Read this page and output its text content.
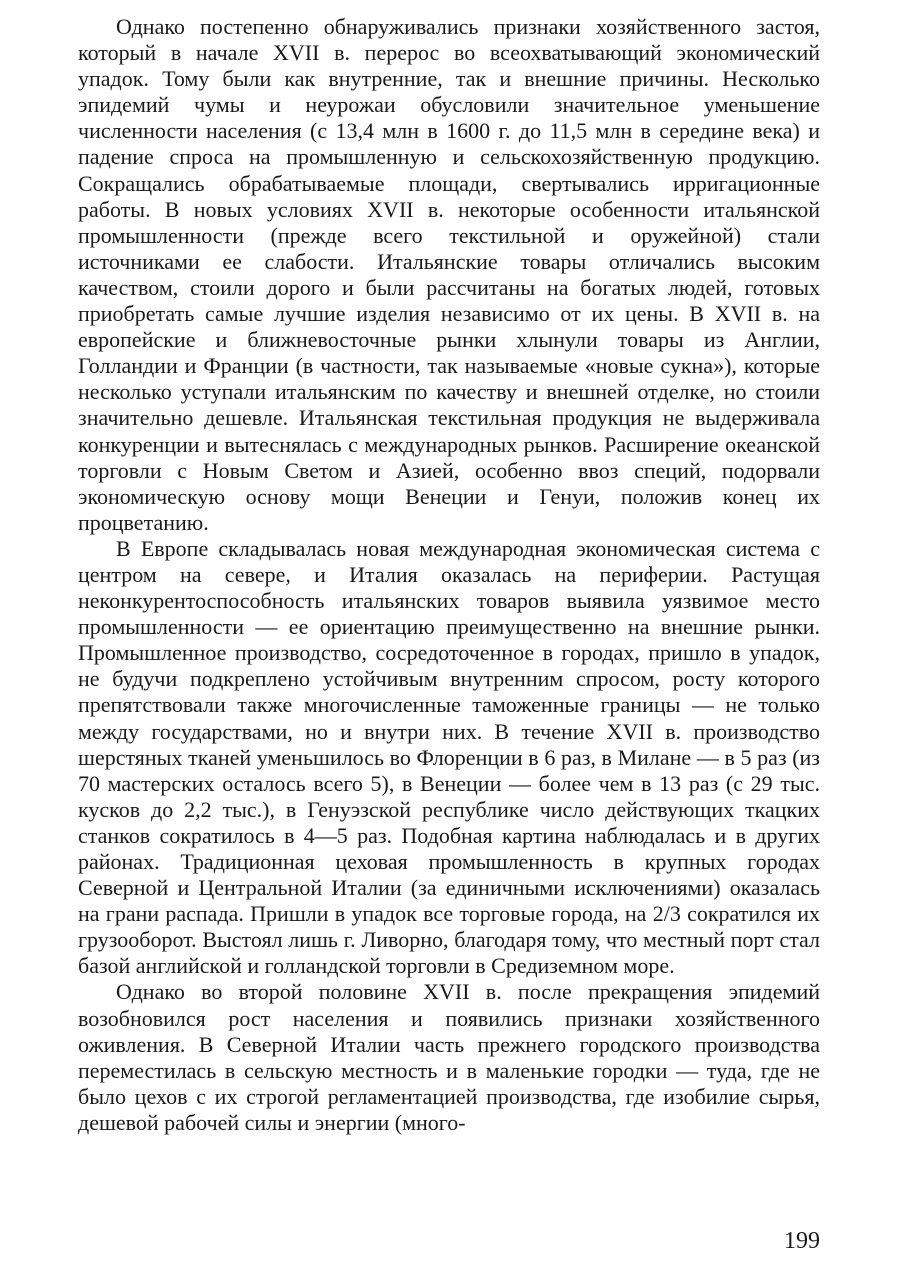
Однако постепенно обнаруживались признаки хозяйственного застоя, который в начале XVII в. перерос во всеохватывающий экономический упадок. Тому были как внутренние, так и внешние причины. Несколько эпидемий чумы и неурожаи обусловили значительное уменьшение численности населения (с 13,4 млн в 1600 г. до 11,5 млн в середине века) и падение спроса на промышленную и сельскохозяйственную продукцию. Сокращались обрабатываемые площади, свертывались ирригационные работы. В новых условиях XVII в. некоторые особенности итальянской промышленности (прежде всего текстильной и оружейной) стали источниками ее слабости. Итальянские товары отличались высоким качеством, стоили дорого и были рассчитаны на богатых людей, готовых приобретать самые лучшие изделия независимо от их цены. В XVII в. на европейские и ближневосточные рынки хлынули товары из Англии, Голландии и Франции (в частности, так называемые «новые сукна»), которые несколько уступали итальянским по качеству и внешней отделке, но стоили значительно дешевле. Итальянская текстильная продукция не выдерживала конкуренции и вытеснялась с международных рынков. Расширение океанской торговли с Новым Светом и Азией, особенно ввоз специй, подорвали экономическую основу мощи Венеции и Генуи, положив конец их процветанию.

В Европе складывалась новая международная экономическая система с центром на севере, и Италия оказалась на периферии. Растущая неконкурентоспособность итальянских товаров выявила уязвимое место промышленности — ее ориентацию преимущественно на внешние рынки. Промышленное производство, сосредоточенное в городах, пришло в упадок, не будучи подкреплено устойчивым внутренним спросом, росту которого препятствовали также многочисленные таможенные границы — не только между государствами, но и внутри них. В течение XVII в. производство шерстяных тканей уменьшилось во Флоренции в 6 раз, в Милане — в 5 раз (из 70 мастерских осталось всего 5), в Венеции — более чем в 13 раз (с 29 тыс. кусков до 2,2 тыс.), в Генуэзской республике число действующих ткацких станков сократилось в 4—5 раз. Подобная картина наблюдалась и в других районах. Традиционная цеховая промышленность в крупных городах Северной и Центральной Италии (за единичными исключениями) оказалась на грани распада. Пришли в упадок все торговые города, на 2/3 сократился их грузооборот. Выстоял лишь г. Ливорно, благодаря тому, что местный порт стал базой английской и голландской торговли в Средиземном море.

Однако во второй половине XVII в. после прекращения эпидемий возобновился рост населения и появились признаки хозяйственного оживления. В Северной Италии часть прежнего городского производства переместилась в сельскую местность и в маленькие городки — туда, где не было цехов с их строгой регламентацией производства, где изобилие сырья, дешевой рабочей силы и энергии (много-

199
